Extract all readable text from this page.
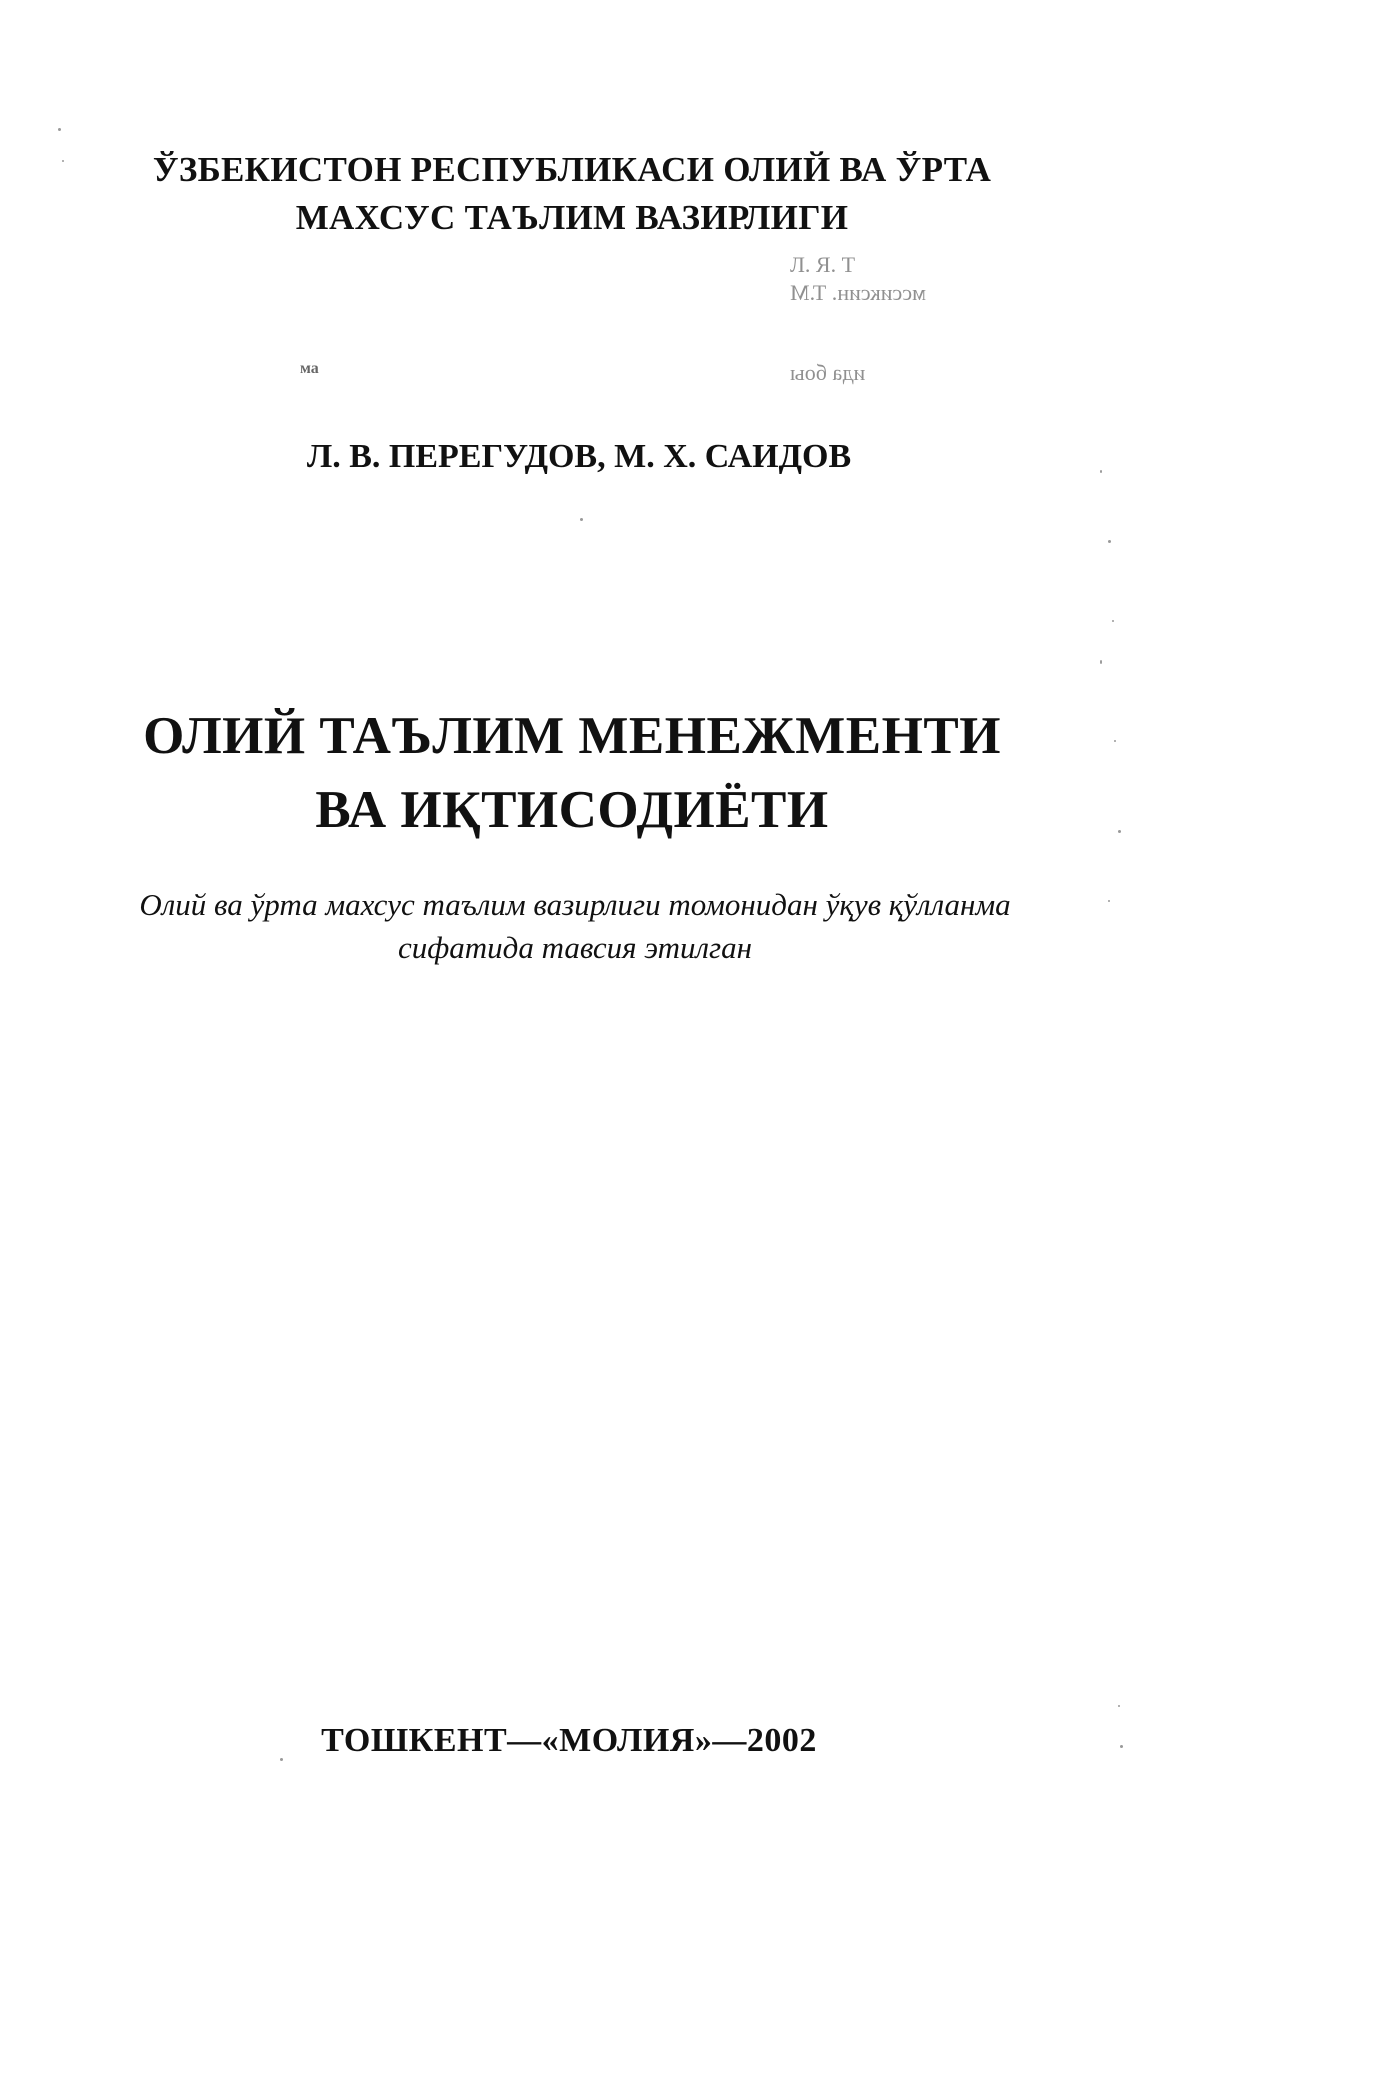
ЎЗБЕКИСТОН РЕСПУБЛИКАСИ ОЛИЙ ВА ЎРТА
МАХСУС ТАЪЛИМ ВАЗИРЛИГИ
Л. Я. Т
мссиксин. Т.М
ма	ида боы
Л. В. ПЕРЕГУДОВ, М. Х. САИДОВ
ОЛИЙ ТАЪЛИМ МЕНЕЖМЕНТИ
ВА ИҚТИСОДИЁТИ
Олий ва ўрта махсус таълим вазирлиги томонидан ўқув қўлланма
сифатида тавсия этилган
ТОШКЕНТ—«МОЛИЯ»—2002
